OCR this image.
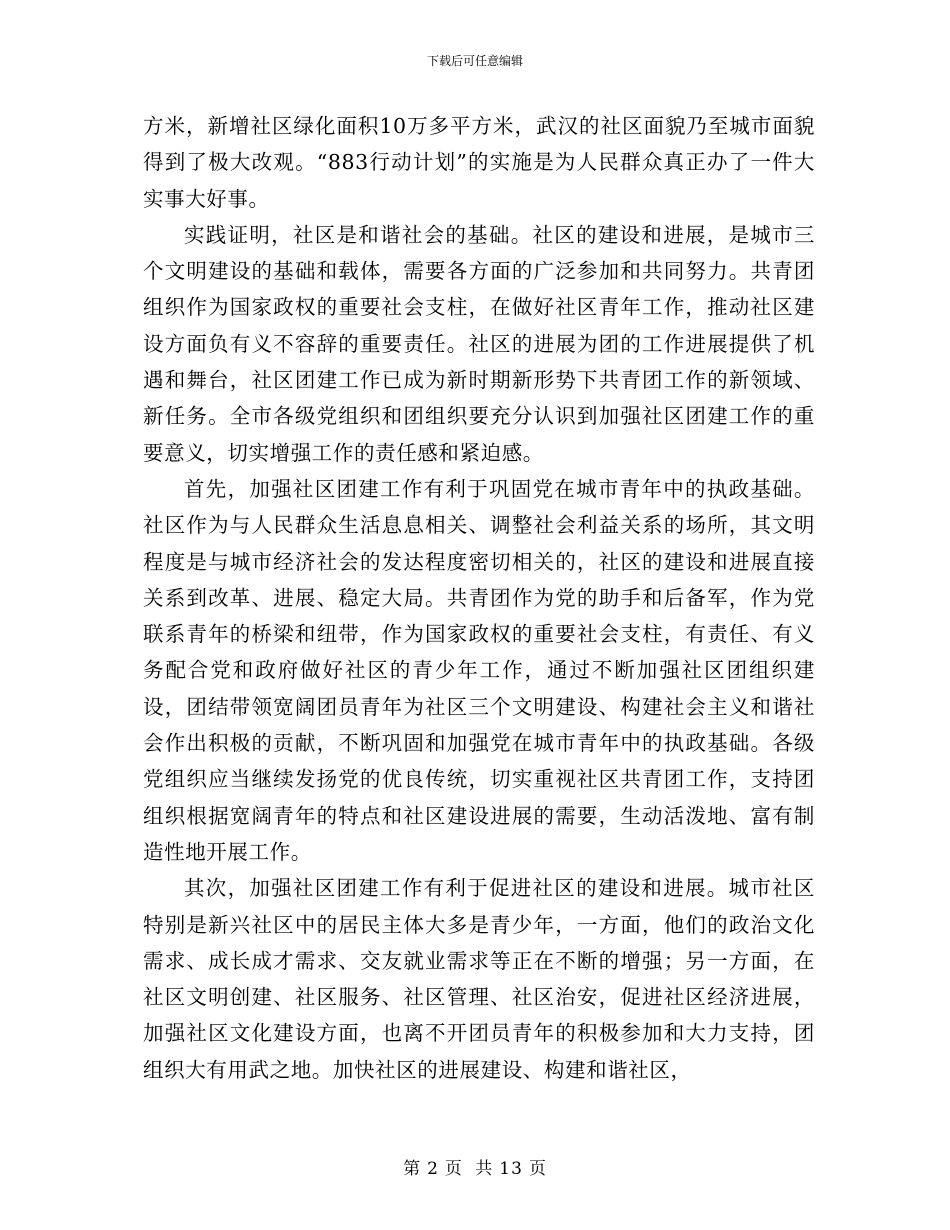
下载后可任意编辑

方米，新增社区绿化面积10万多平方米，武汉的社区面貌乃至城市面貌得到了极大改观。“883行动计划”的实施是为人民群众真正办了一件大实事大好事。

实践证明，社区是和谐社会的基础。社区的建设和进展，是城市三个文明建设的基础和载体，需要各方面的广泛参加和共同努力。共青团组织作为国家政权的重要社会支柱，在做好社区青年工作，推动社区建设方面负有义不容辞的重要责任。社区的进展为团的工作进展提供了机遇和舞台，社区团建工作已成为新时期新形势下共青团工作的新领域、新任务。全市各级党组织和团组织要充分认识到加强社区团建工作的重要意义，切实增强工作的责任感和紧迫感。

首先，加强社区团建工作有利于巩固党在城市青年中的执政基础。社区作为与人民群众生活息息相关、调整社会利益关系的场所，其文明程度是与城市经济社会的发达程度密切相关的，社区的建设和进展直接关系到改革、进展、稳定大局。共青团作为党的助手和后备军，作为党联系青年的桥梁和纽带，作为国家政权的重要社会支柱，有责任、有义务配合党和政府做好社区的青少年工作，通过不断加强社区团组织建设，团结带领宽阔团员青年为社区三个文明建设、构建社会主义和谐社会作出积极的贡献，不断巩固和加强党在城市青年中的执政基础。各级党组织应当继续发扬党的优良传统，切实重视社区共青团工作，支持团组织根据宽阔青年的特点和社区建设进展的需要，生动活泼地、富有制造性地开展工作。

其次，加强社区团建工作有利于促进社区的建设和进展。城市社区特别是新兴社区中的居民主体大多是青少年，一方面，他们的政治文化需求、成长成才需求、交友就业需求等正在不断的增强；另一方面，在社区文明创建、社区服务、社区管理、社区治安，促进社区经济进展，加强社区文化建设方面，也离不开团员青年的积极参加和大力支持，团组织大有用武之地。加快社区的进展建设、构建和谐社区，

第 2 页 共 13 页
